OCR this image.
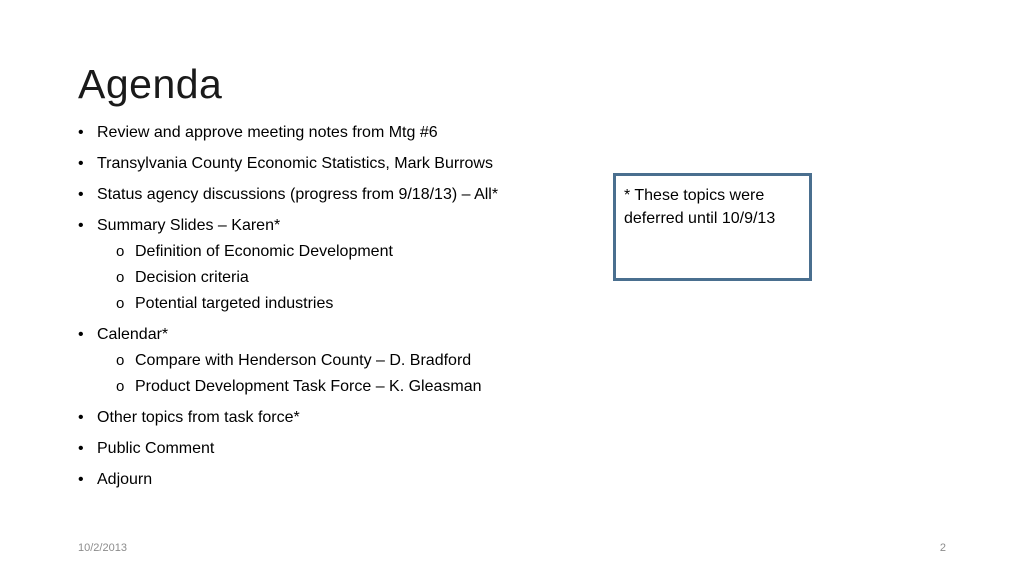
Agenda
• Review and approve meeting notes from Mtg #6
• Transylvania County Economic Statistics, Mark Burrows
• Status agency discussions (progress from 9/18/13) – All*
• Summary Slides – Karen*
o Definition of Economic Development
o Decision criteria
o Potential targeted industries
• Calendar*
o Compare with Henderson County – D. Bradford
o Product Development Task Force – K. Gleasman
• Other topics from task force*
• Public Comment
• Adjourn
* These topics were deferred until 10/9/13
10/2/2013	2
